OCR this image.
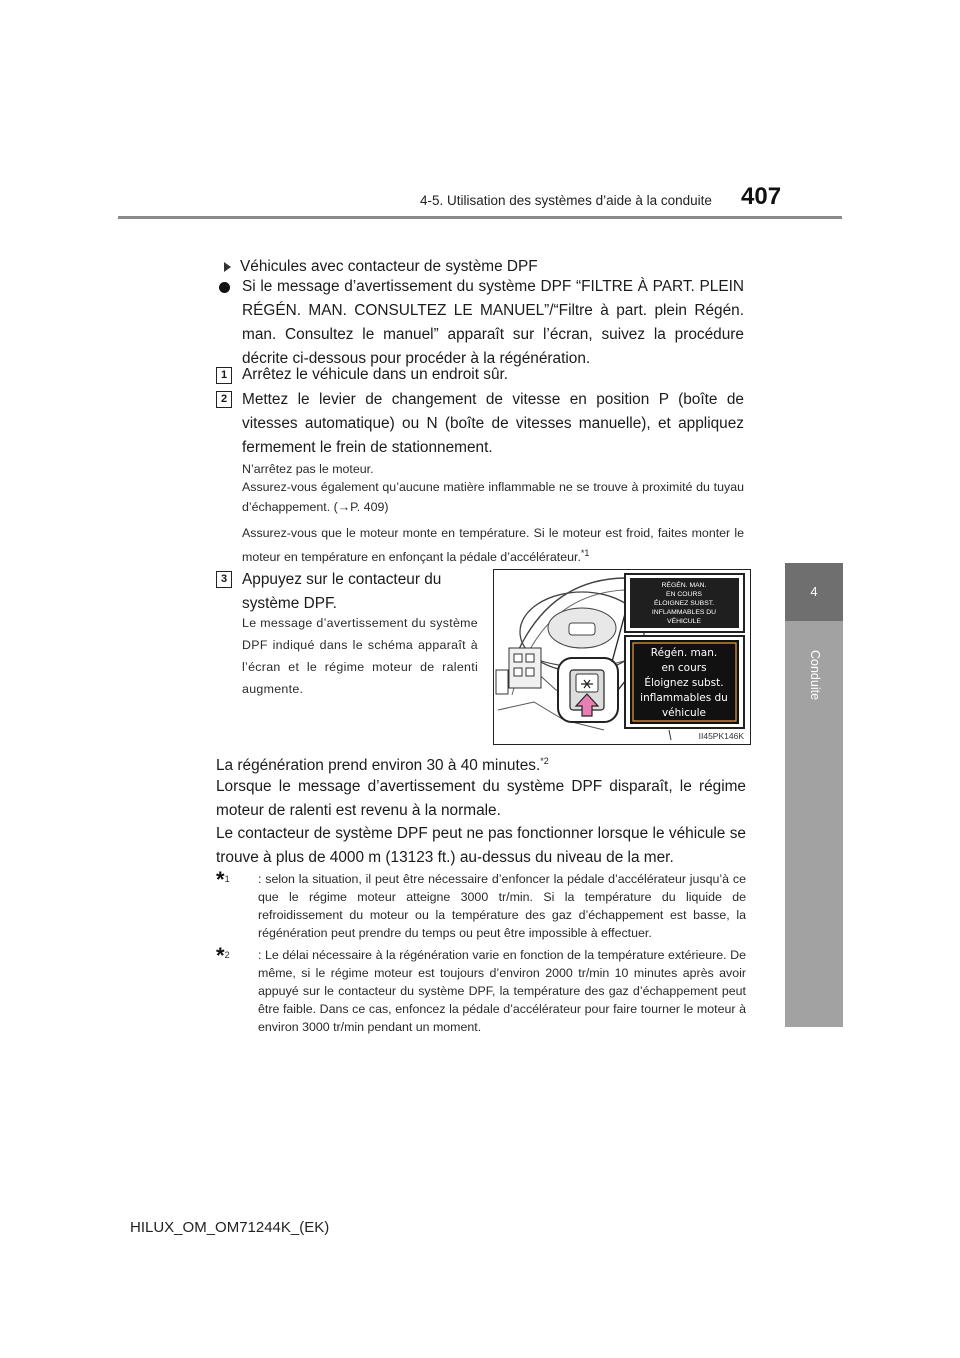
4-5. Utilisation des systèmes d’aide à la conduite 407
4
Conduite
Véhicules avec contacteur de système DPF
Si le message d’avertissement du système DPF “FILTRE À PART. PLEIN RÉGÉN. MAN. CONSULTEZ LE MANUEL”/“Filtre à part. plein Régén. man. Consultez le manuel” apparaît sur l’écran, suivez la procédure décrite ci-dessous pour procéder à la régénération.
1 Arrêtez le véhicule dans un endroit sûr.
2 Mettez le levier de changement de vitesse en position P (boîte de vitesses automatique) ou N (boîte de vitesses manuelle), et appliquez fermement le frein de stationnement.
N’arrêtez pas le moteur.
Assurez-vous également qu’aucune matière inflammable ne se trouve à proximité du tuyau d’échappement. (→P. 409)
Assurez-vous que le moteur monte en température. Si le moteur est froid, faites monter le moteur en température en enfonçant la pédale d’accélérateur.$^{*1}$
3 Appuyez sur le contacteur du système DPF.
Le message d’avertissement du système DPF indiqué dans le schéma apparaît à l’écran et le régime moteur de ralenti augmente.
RÉGÉN. MAN.
EN COURS
ÉLOIGNEZ SUBST.
INFLAMMABLES DU
VÉHICULE
Régén. man.
en cours
Éloignez subst.
inflammables du
véhicule
II45PK146K
La régénération prend environ 30 à 40 minutes.$^{*2}$
Lorsque le message d’avertissement du système DPF disparaît, le régime moteur de ralenti est revenu à la normale.
Le contacteur de système DPF peut ne pas fonctionner lorsque le véhicule se trouve à plus de 4000 m (13123 ft.) au-dessus du niveau de la mer.
*$^1$ : selon la situation, il peut être nécessaire d’enfoncer la pédale d’accélérateur jusqu’à ce que le régime moteur atteigne 3000 tr/min. Si la température du liquide de refroidissement du moteur ou la température des gaz d’échappement est basse, la régénération peut prendre du temps ou peut être impossible à effectuer.
*$^2$ : Le délai nécessaire à la régénération varie en fonction de la température extérieure. De même, si le régime moteur est toujours d’environ 2000 tr/min 10 minutes après avoir appuyé sur le contacteur du système DPF, la température des gaz d’échappement peut être faible. Dans ce cas, enfoncez la pédale d’accélérateur pour faire tourner le moteur à environ 3000 tr/min pendant un moment.
HILUX_OM_OM71244K_(EK)
